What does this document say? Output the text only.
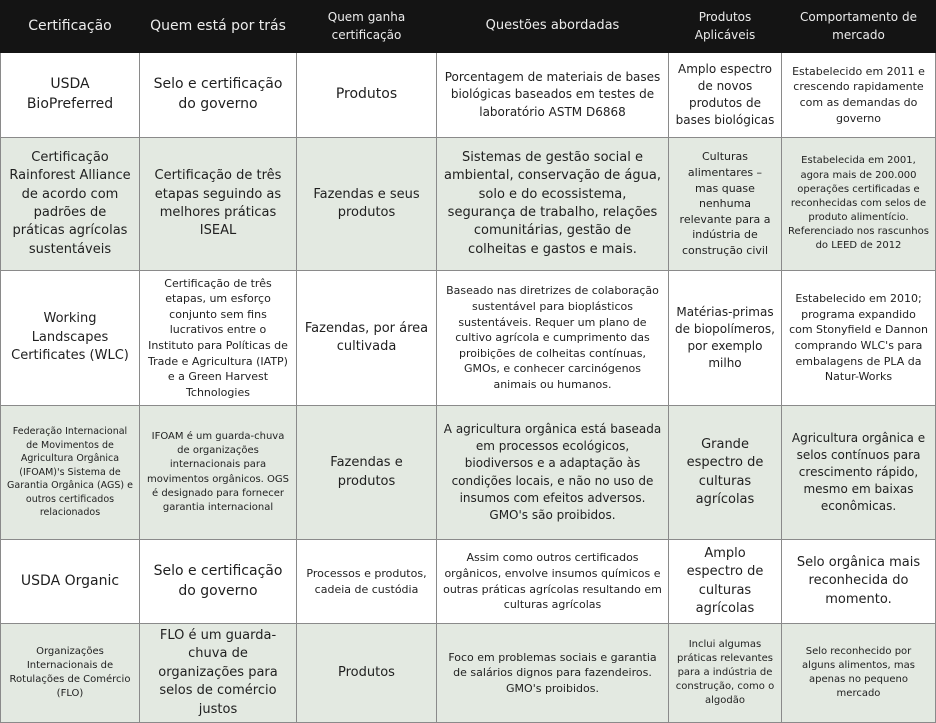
Certificação	Quem está por trás	Quem ganha certificação	Questões abordadas	Produtos Aplicáveis	Comportamento de mercado
USDA BioPreferred	Selo e certificação do governo	Produtos	Porcentagem de materiais de bases biológicas baseados em testes de laboratório ASTM D6868	Amplo espectro de novos produtos de bases biológicas	Estabelecido em 2011 e crescendo rapidamente com as demandas do governo
Certificação Rainforest Alliance de acordo com padrões de práticas agrícolas sustentáveis	Certificação de três etapas seguindo as melhores práticas ISEAL	Fazendas e seus produtos	Sistemas de gestão social e ambiental, conservação de água, solo e do ecossistema, segurança de trabalho, relações comunitárias, gestão de colheitas e gastos e mais.	Culturas alimentares – mas quase nenhuma relevante para a indústria de construção civil	Estabelecida em 2001, agora mais de 200.000 operações certificadas e reconhecidas com selos de produto alimentício. Referenciado nos rascunhos do LEED de 2012
Working Landscapes Certificates (WLC)	Certificação de três etapas, um esforço conjunto sem fins lucrativos entre o Instituto para Políticas de Trade e Agricultura (IATP) e a Green Harvest Tchnologies	Fazendas, por área cultivada	Baseado nas diretrizes de colaboração sustentável para bioplásticos sustentáveis. Requer um plano de cultivo agrícola e cumprimento das proibições de colheitas contínuas, GMOs, e conhecer carcinógenos animais ou humanos.	Matérias-primas de biopolímeros, por exemplo milho	Estabelecido em 2010; programa expandido com Stonyfield e Dannon comprando WLC's para embalagens de PLA da Natur-Works
Federação Internacional de Movimentos de Agricultura Orgânica (IFOAM)'s Sistema de Garantia Orgânica (AGS) e outros certificados relacionados	IFOAM é um guarda-chuva de organizações internacionais para movimentos orgânicos. OGS é designado para fornecer garantia internacional	Fazendas e produtos	A agricultura orgânica está baseada em processos ecológicos, biodiversos e a adaptação às condições locais, e não no uso de insumos com efeitos adversos. GMO's são proibidos.	Grande espectro de culturas agrícolas	Agricultura orgânica e selos contínuos para crescimento rápido, mesmo em baixas econômicas.
USDA Organic	Selo e certificação do governo	Processos e produtos, cadeia de custódia	Assim como outros certificados orgânicos, envolve insumos químicos e outras práticas agrícolas resultando em culturas agrícolas	Amplo espectro de culturas agrícolas	Selo orgânica mais reconhecida do momento.
Organizações Internacionais de Rotulações de Comércio (FLO)	FLO é um guarda-chuva de organizações para selos de comércio justos	Produtos	Foco em problemas sociais e garantia de salários dignos para fazendeiros. GMO's proibidos.	Inclui algumas práticas relevantes para a indústria de construção, como o algodão	Selo reconhecido por alguns alimentos, mas apenas no pequeno mercado
